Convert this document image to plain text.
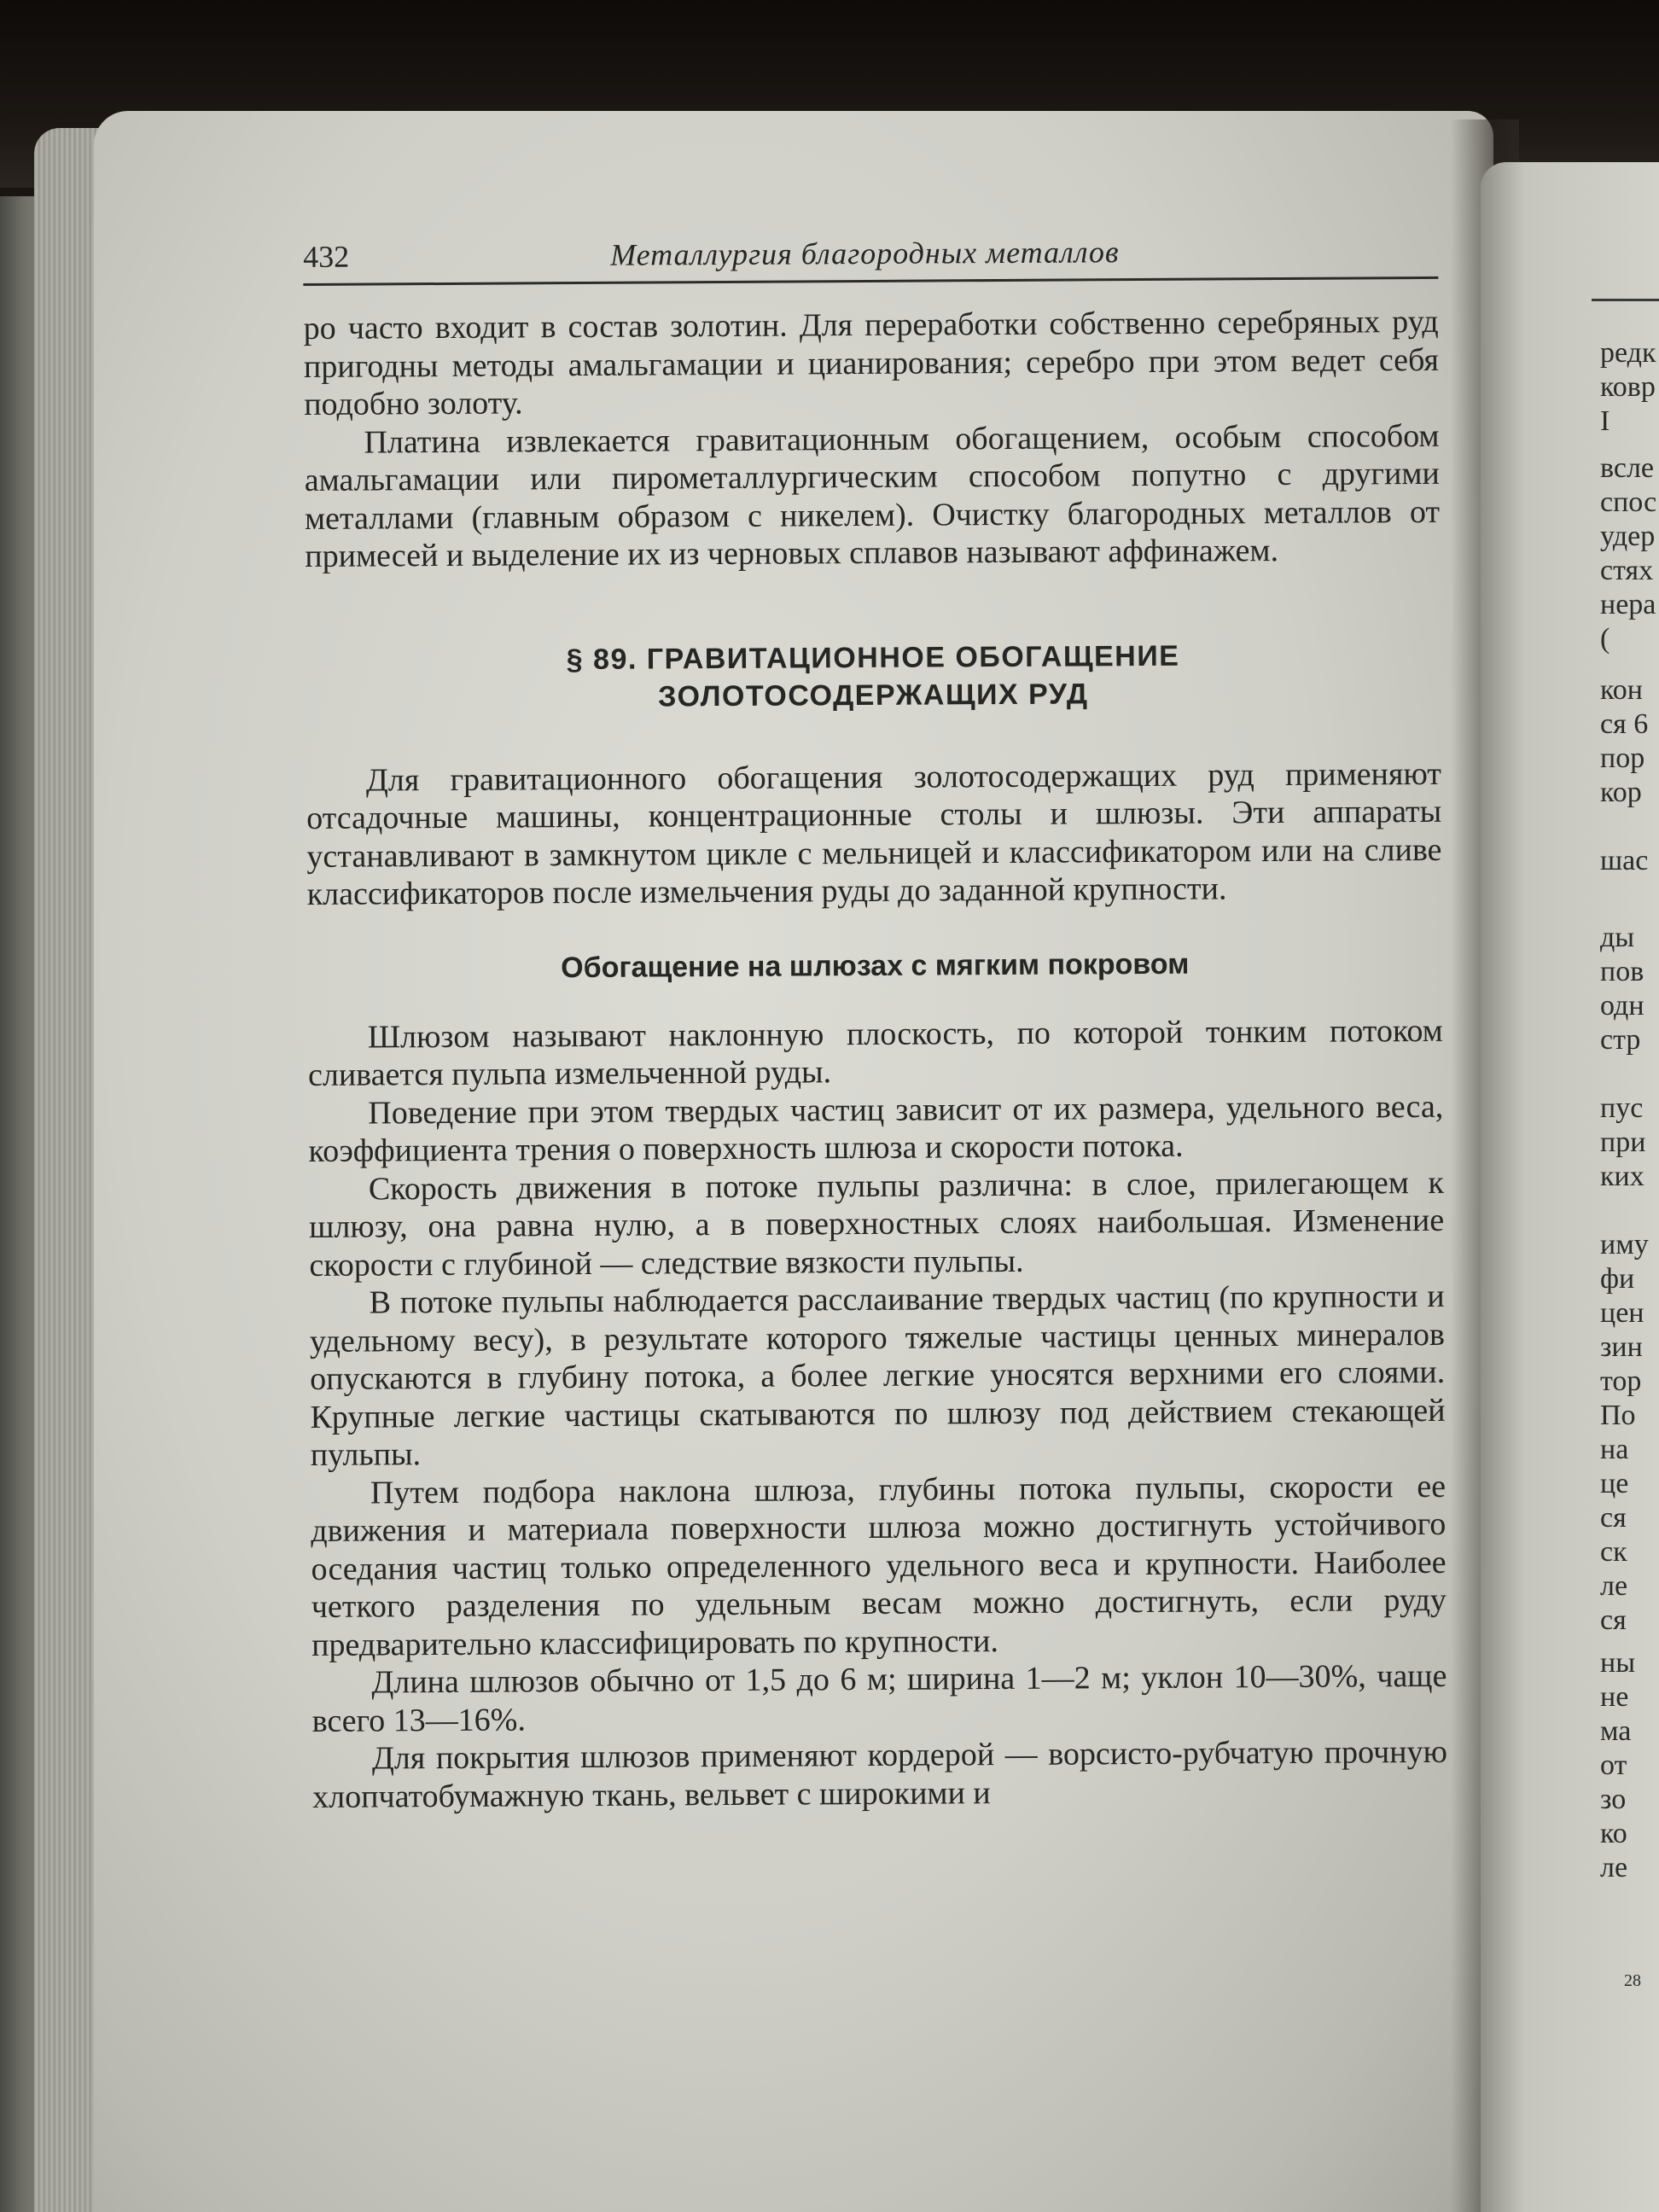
редк
ковр
I
всле
спос
удер
стях
нера
(
кон
ся 6
пор
кор
шас
ды
пов
одн
стр
пус
при
ких
иму
фи
цен
зин
тор
По
на
це
ся
ск
ле
ся
ны
не
ма
от
зо
ко
ле
28
432	Металлургия благородных металлов

ро часто входит в состав золотин. Для переработки собственно серебряных руд пригодны методы амальгамации и цианирования; серебро при этом ведет себя подобно золоту.

Платина извлекается гравитационным обогащением, особым способом амальгамации или пирометаллургическим способом попутно с другими металлами (главным образом с никелем). Очистку благородных металлов от примесей и выделение их из черновых сплавов называют аффинажем.

§ 89. ГРАВИТАЦИОННОЕ ОБОГАЩЕНИЕ
ЗОЛОТОСОДЕРЖАЩИХ РУД

Для гравитационного обогащения золотосодержащих руд применяют отсадочные машины, концентрационные столы и шлюзы. Эти аппараты устанавливают в замкнутом цикле с мельницей и классификатором или на сливе классификаторов после измельчения руды до заданной крупности.

Обогащение на шлюзах с мягким покровом

Шлюзом называют наклонную плоскость, по которой тонким потоком сливается пульпа измельченной руды.

Поведение при этом твердых частиц зависит от их размера, удельного веса, коэффициента трения о поверхность шлюза и скорости потока.

Скорость движения в потоке пульпы различна: в слое, прилегающем к шлюзу, она равна нулю, а в поверхностных слоях наибольшая. Изменение скорости с глубиной — следствие вязкости пульпы.

В потоке пульпы наблюдается расслаивание твердых частиц (по крупности и удельному весу), в результате которого тяжелые частицы ценных минералов опускаются в глубину потока, а более легкие уносятся верхними его слоями. Крупные легкие частицы скатываются по шлюзу под действием стекающей пульпы.

Путем подбора наклона шлюза, глубины потока пульпы, скорости ее движения и материала поверхности шлюза можно достигнуть устойчивого оседания частиц только определенного удельного веса и крупности. Наиболее четкого разделения по удельным весам можно достигнуть, если руду предварительно классифицировать по крупности.

Длина шлюзов обычно от 1,5 до 6 м; ширина 1—2 м; уклон 10—30%, чаще всего 13—16%.

Для покрытия шлюзов применяют кордерой — ворсисто-рубчатую прочную хлопчатобумажную ткань, вельвет с широкими и
